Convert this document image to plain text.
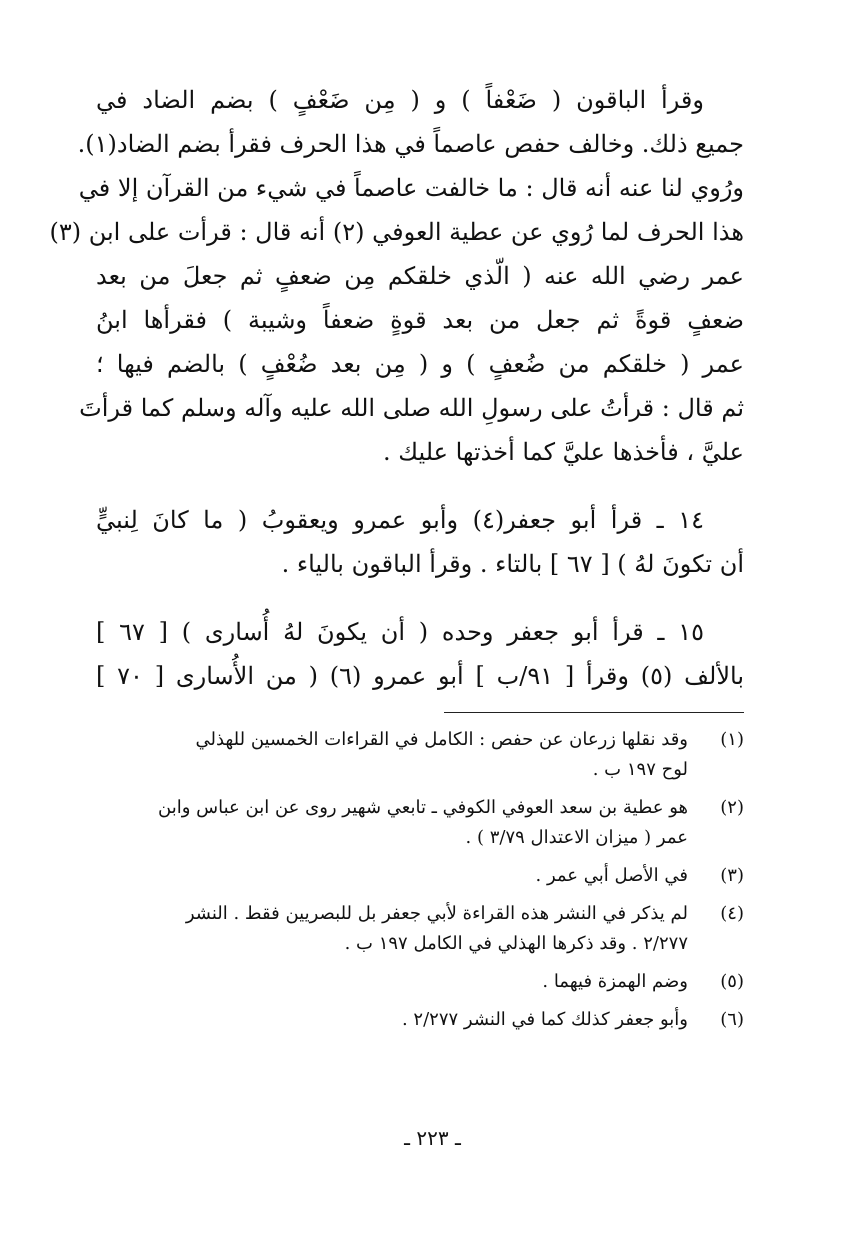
وقرأ الباقون ( ضَعْفاً ) و ( مِن ضَعْفٍ ) بضم الضاد في
جميع ذلك. وخالف حفص عاصماً في هذا الحرف فقرأ بضم الضاد(١).
ورُوي لنا عنه أنه قال : ما خالفت عاصماً في شيء من القرآن إلا في
هذا الحرف لما رُوي عن عطية العوفي (٢) أنه قال : قرأت على ابن (٣)
عمر رضي الله عنه ( الّذي خلقكم مِن ضعفٍ ثم جعلَ من بعد
ضعفٍ قوةً ثم جعل من بعد قوةٍ ضعفاً وشيبة ) فقرأها ابنُ
عمر ( خلقكم من ضُعفٍ ) و ( مِن بعد ضُعْفٍ ) بالضم فيها ؛
ثم قال : قرأتُ على رسولِ الله صلى الله عليه وآله وسلم كما قرأتَ
عليَّ ، فأخذها عليَّ كما أخذتها عليك .
١٤ ـ قرأ أبو جعفر(٤) وأبو عمرو ويعقوبُ ( ما كانَ لِنبيٍّ
أن تكونَ لهُ ) [ ٦٧ ] بالتاء . وقرأ الباقون بالياء .
١٥ ـ قرأ أبو جعفر وحده ( أن يكونَ لهُ أُسارى ) [ ٦٧ ]
بالألف (٥) وقرأ [ ٩١/ب ] أبو عمرو (٦) ( من الأُسارى [ ٧٠ ]
(١)
وقد نقلها زرعان عن حفص : الكامل في القراءات الخمسين للهذلي
لوح ١٩٧ ب .
(٢)
هو عطية بن سعد العوفي الكوفي ـ تابعي شهير روى عن ابن عباس وابن
عمر ( ميزان الاعتدال ٣/٧٩ ) .
(٣)
في الأصل أبي عمر .
(٤)
لم يذكر في النشر هذه القراءة لأبي جعفر بل للبصريين فقط . النشر
٢/٢٧٧ . وقد ذكرها الهذلي في الكامل ١٩٧ ب .
(٥)
وضم الهمزة فيهما .
(٦)
وأبو جعفر كذلك كما في النشر ٢/٢٧٧ .
ـ ٢٢٣ ـ
